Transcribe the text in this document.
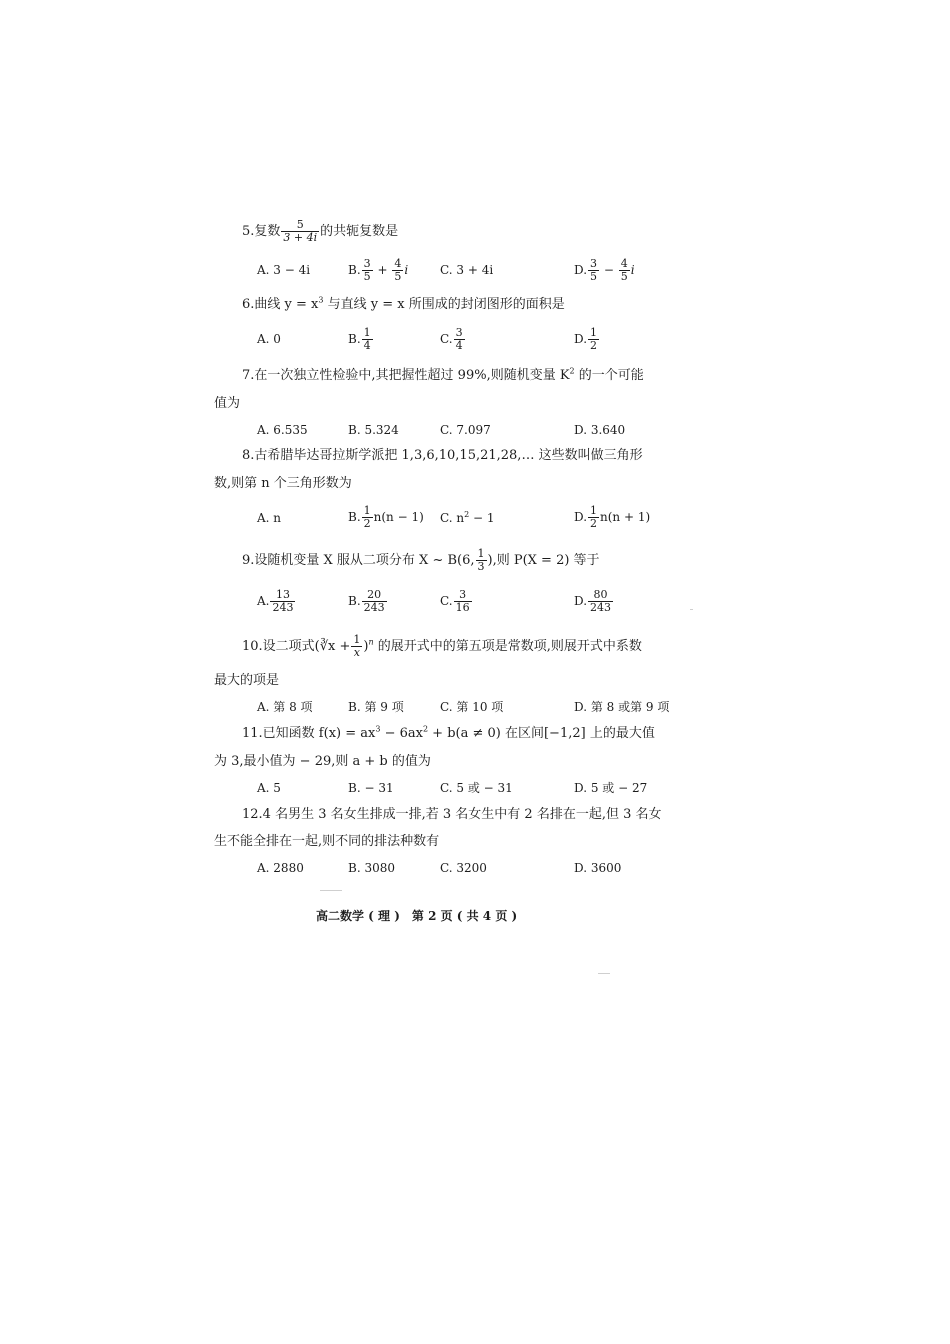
5.复数 $\frac{5}{3 + 4i}$ 的共轭复数是
A. 3 − 4i	B. $\frac{3}{5} + \frac{4}{5}$ i	C. 3 + 4i	D. $\frac{3}{5} - \frac{4}{5}$ i
6.曲线 $y = x^3$ 与直线 y = x 所围成的封闭图形的面积是
A. 0	B. $\frac{1}{4}$	C. $\frac{3}{4}$	D. $\frac{1}{2}$
7.在一次独立性检验中,其把握性超过 99%,则随机变量 $K^2$ 的一个可能
值为
A. 6.535	B. 5.324	C. 7.097	D. 3.640
8.古希腊毕达哥拉斯学派把 1,3,6,10,15,21,28,… 这些数叫做三角形
数,则第 n 个三角形数为
A. n	B. $\frac{1}{2} n(n - 1)$ C. $n^2 - 1$	D. $\frac{1}{2} n(n + 1)$
9.设随机变量 X 服从二项分布 X ~ B(6, $\frac{1}{3}$ ),则 P(X = 2) 等于
A. $\frac{13}{243}$	B. $\frac{20}{243}$	C. $\frac{3}{16}$	D. $\frac{80}{243}$
10.设二项式(∛x + $\frac{1}{x} )^n$ 的展开式中的第五项是常数项,则展开式中系数
最大的项是
A. 第 8 项	B. 第 9 项	C. 第 10 项	D. 第 8 或第 9 项
11.已知函数 $f(x) = ax^3 - 6ax^2 + b(a \ne 0)$ 在区间[−1,2] 上的最大值
为 3,最小值为 − 29,则 a + b 的值为
A. 5	B. − 31	C. 5 或 − 31	D. 5 或 − 27
12.4 名男生 3 名女生排成一排,若 3 名女生中有 2 名排在一起,但 3 名女
生不能全排在一起,则不同的排法种数有
A. 2880	B. 3080	C. 3200	D. 3600
高二数学 ( 理 )　第 2 页 ( 共 4 页 )
